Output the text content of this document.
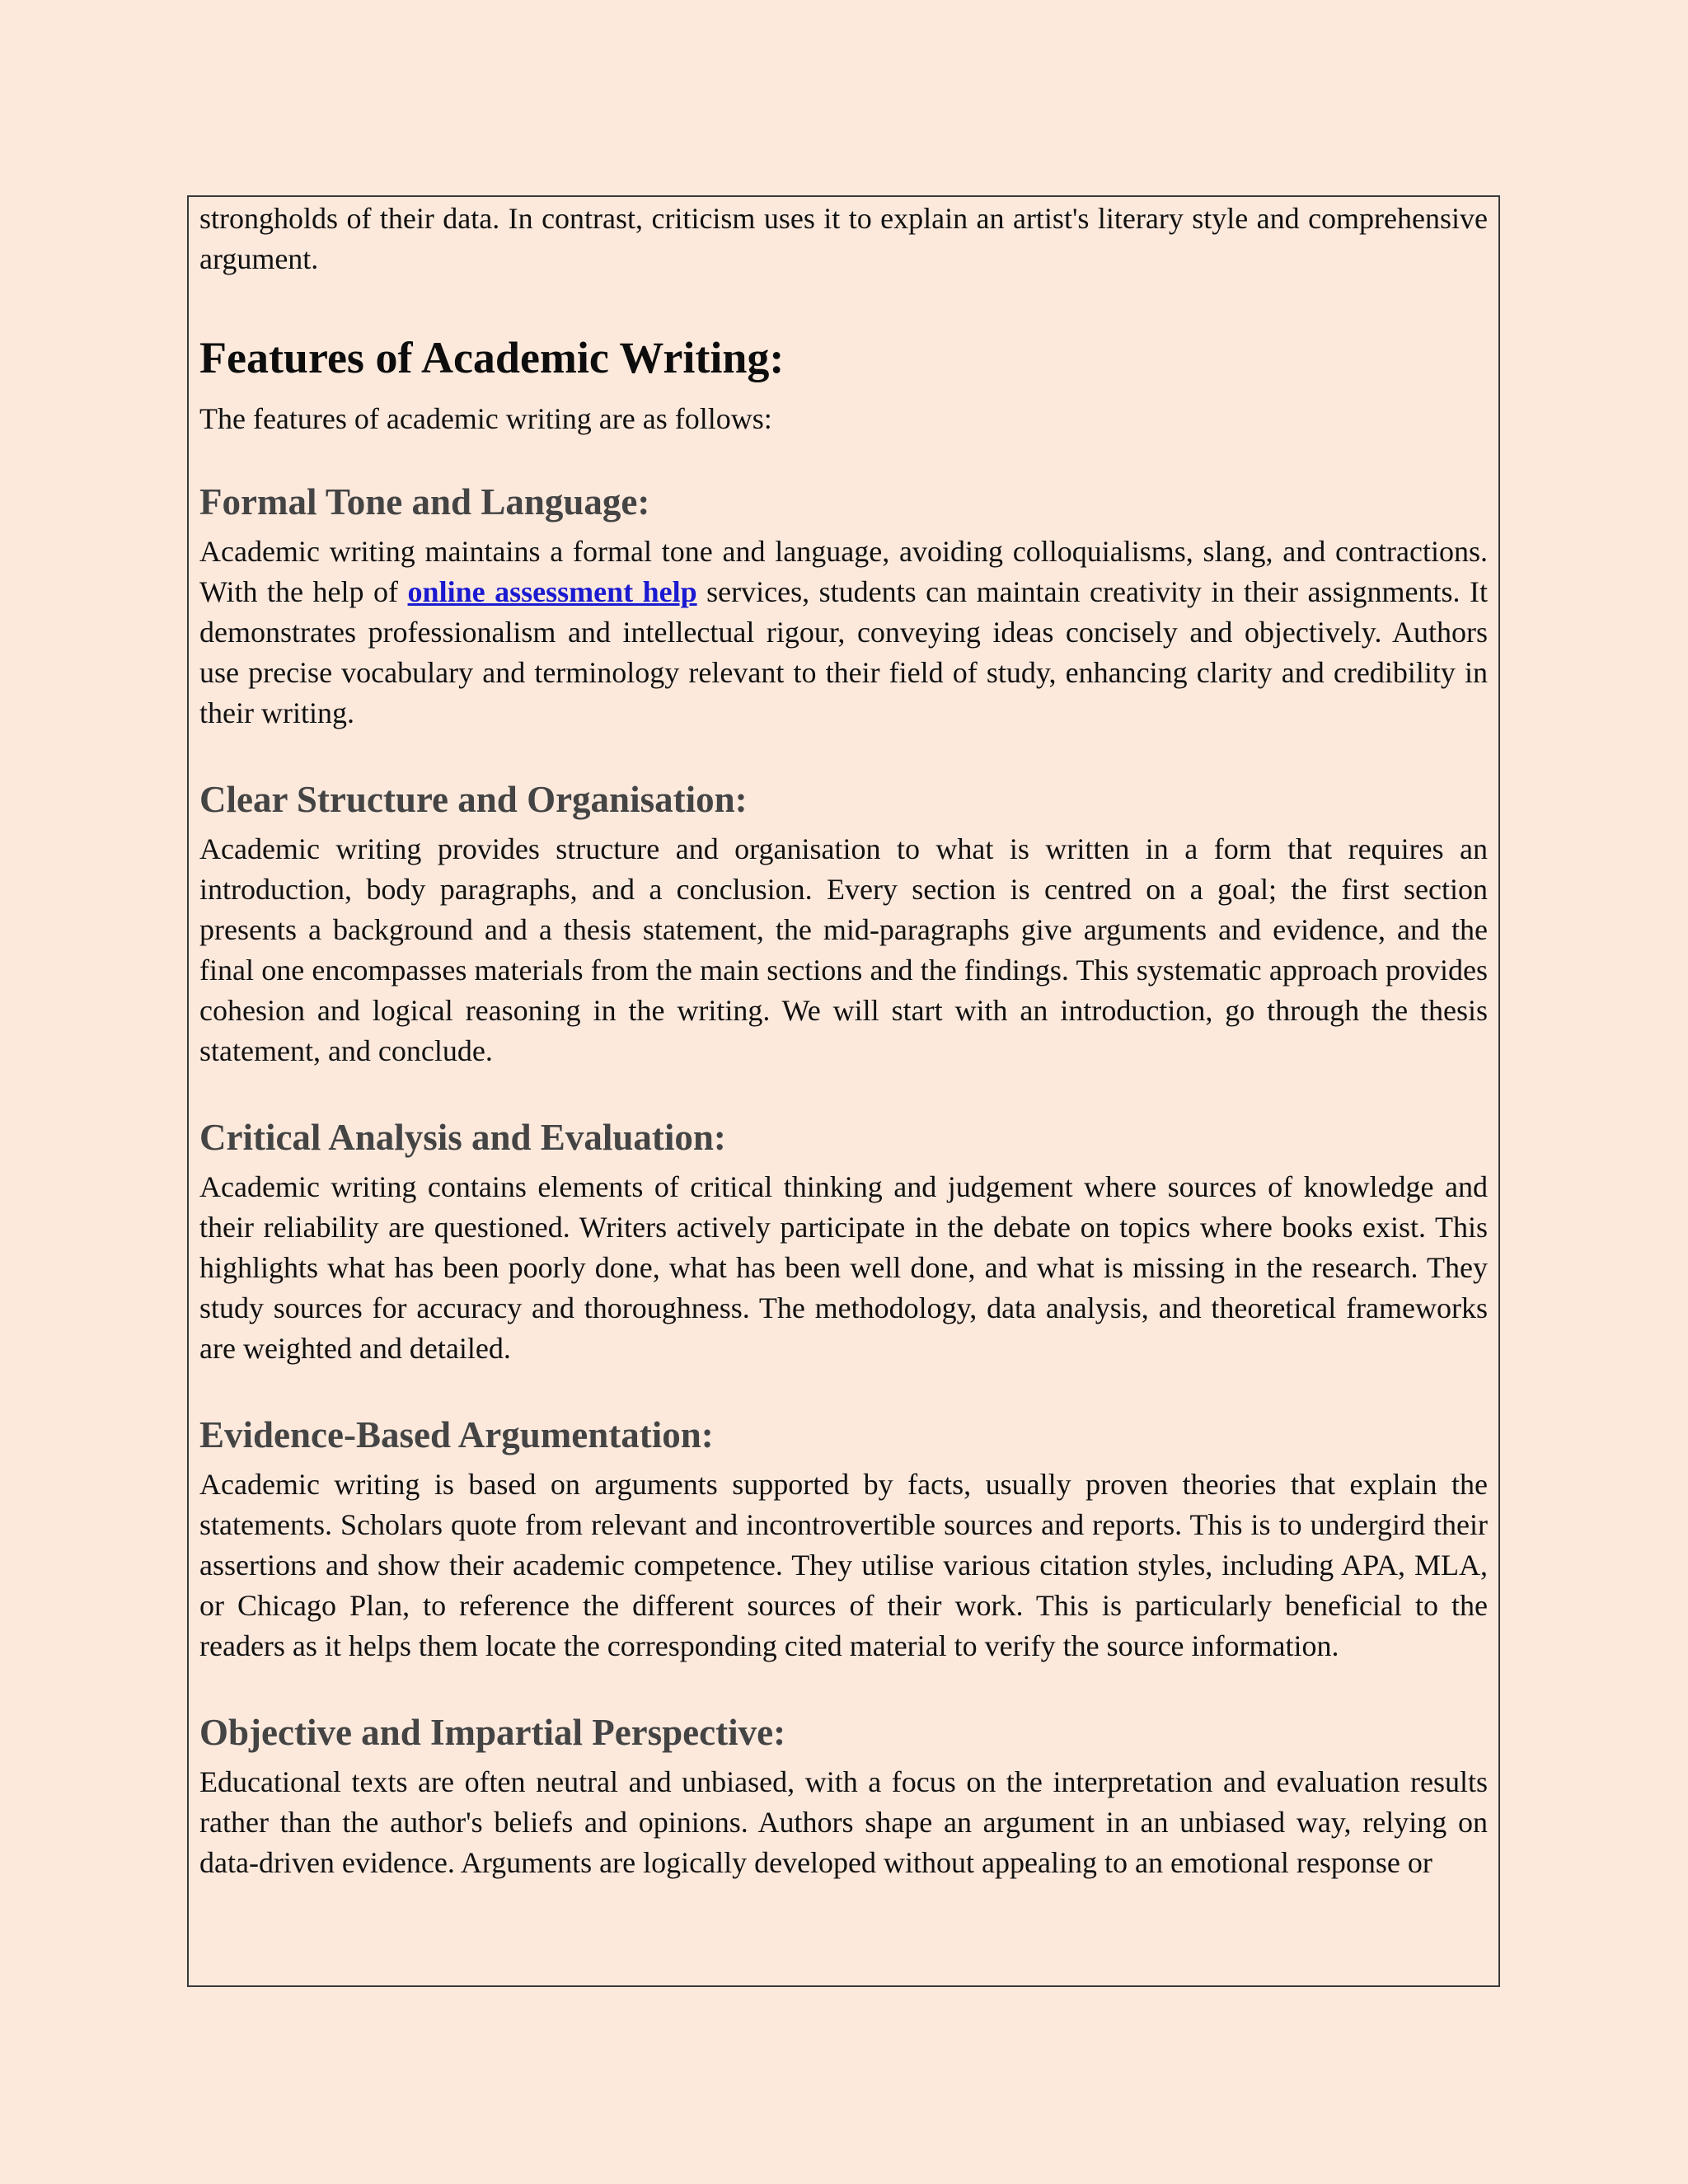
strongholds of their data. In contrast, criticism uses it to explain an artist's literary style and comprehensive argument.

Features of Academic Writing:

The features of academic writing are as follows:

Formal Tone and Language:

Academic writing maintains a formal tone and language, avoiding colloquialisms, slang, and contractions. With the help of online assessment help services, students can maintain creativity in their assignments. It demonstrates professionalism and intellectual rigour, conveying ideas concisely and objectively. Authors use precise vocabulary and terminology relevant to their field of study, enhancing clarity and credibility in their writing.

Clear Structure and Organisation:

Academic writing provides structure and organisation to what is written in a form that requires an introduction, body paragraphs, and a conclusion. Every section is centred on a goal; the first section presents a background and a thesis statement, the mid-paragraphs give arguments and evidence, and the final one encompasses materials from the main sections and the findings. This systematic approach provides cohesion and logical reasoning in the writing. We will start with an introduction, go through the thesis statement, and conclude.

Critical Analysis and Evaluation:

Academic writing contains elements of critical thinking and judgement where sources of knowledge and their reliability are questioned. Writers actively participate in the debate on topics where books exist. This highlights what has been poorly done, what has been well done, and what is missing in the research. They study sources for accuracy and thoroughness. The methodology, data analysis, and theoretical frameworks are weighted and detailed.

Evidence-Based Argumentation:

Academic writing is based on arguments supported by facts, usually proven theories that explain the statements. Scholars quote from relevant and incontrovertible sources and reports. This is to undergird their assertions and show their academic competence. They utilise various citation styles, including APA, MLA, or Chicago Plan, to reference the different sources of their work. This is particularly beneficial to the readers as it helps them locate the corresponding cited material to verify the source information.

Objective and Impartial Perspective:

Educational texts are often neutral and unbiased, with a focus on the interpretation and evaluation results rather than the author's beliefs and opinions. Authors shape an argument in an unbiased way, relying on data-driven evidence. Arguments are logically developed without appealing to an emotional response or
